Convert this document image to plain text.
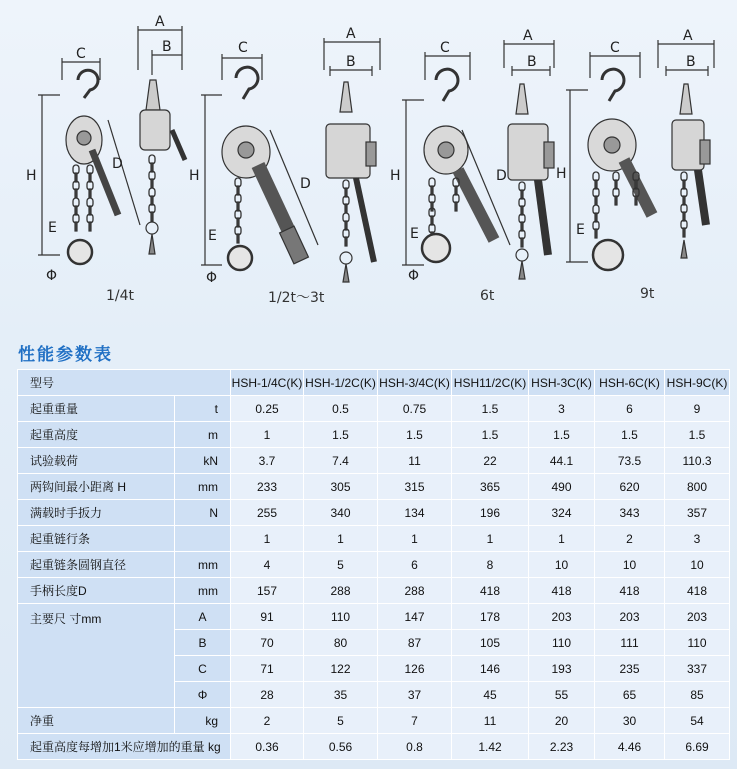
C
A
B
H
D
E
Φ
C
A
B
H	D
E
Φ
C
A
B
H	D
E
Φ
C
A
B
H
E
1/4t	1/2t～3t	6t	9t
性能参数表
型号		HSH-1/4C(K)	HSH-1/2C(K)	HSH-3/4C(K)	HSH11/2C(K)	HSH-3C(K)	HSH-6C(K)	HSH-9C(K)
起重重量	t	0.25	0.5	0.75	1.5	3	6	9
起重高度	m	1	1.5	1.5	1.5	1.5	1.5	1.5
试验载荷	kN	3.7	7.4	11	22	44.1	73.5	110.3
两钩间最小距离 H	mm	233	305	315	365	490	620	800
满载时手扳力	N	255	340	134	196	324	343	357
起重链行条		1	1	1	1	1	2	3
起重链条圆钢直径	mm	4	5	6	8	10	10	10
手柄长度D	mm	157	288	288	418	418	418	418
主要尺 寸mm	A	91	110	147	178	203	203	203
	B	70	80	87	105	110	111	110
	C	71	122	126	146	193	235	337
	Φ	28	35	37	45	55	65	85
净重	kg	2	5	7	11	20	30	54
起重高度每增加1米应增加的重量 kg		0.36	0.56	0.8	1.42	2.23	4.46	6.69
